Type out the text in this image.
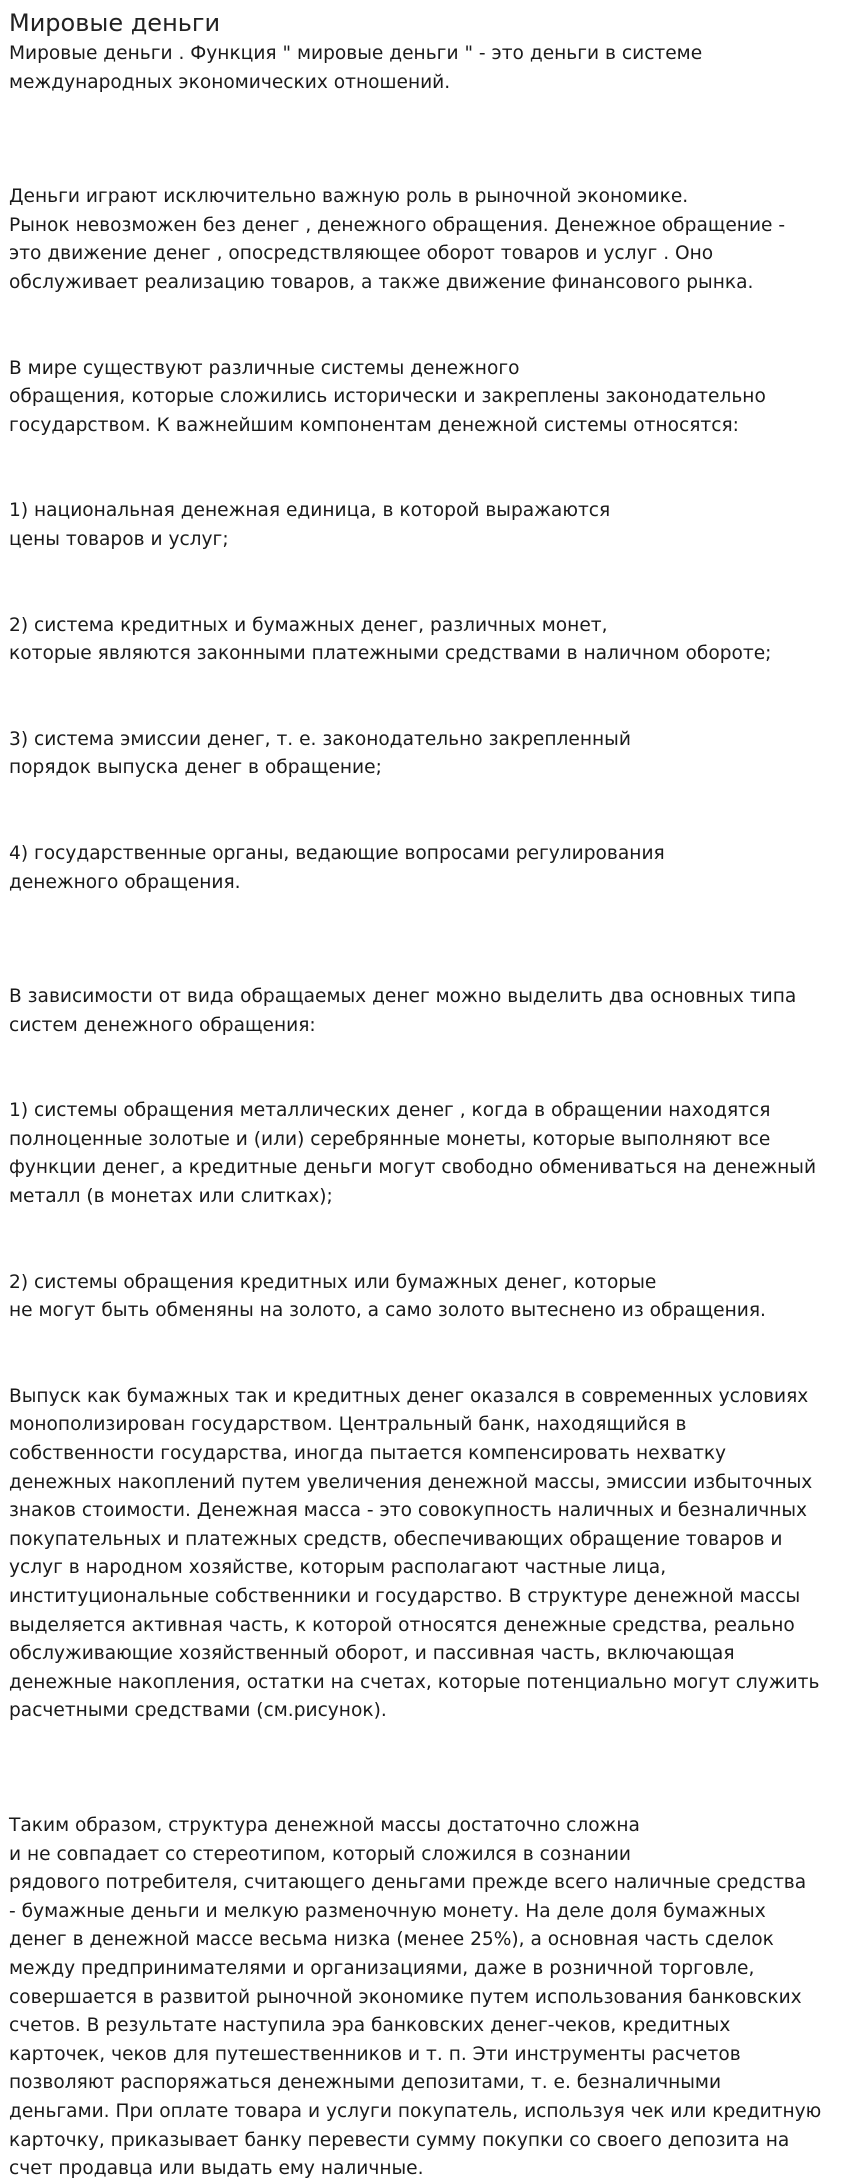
Мировые деньги
Мировые деньги . Функция " мировые деньги " - это деньги в системе
международных экономических отношений.
Деньги играют исключительно важную роль в рыночной экономике.
Рынок невозможен без денег , денежного обращения. Денежное обращение -
это движение денег , опосредствляющее оборот товаров и услуг . Оно
обслуживает реализацию товаров, а также движение финансового рынка.
В мире существуют различные системы денежного
обращения, которые сложились исторически и закреплены законодательно
государством. К важнейшим компонентам денежной системы относятся:
1) национальная денежная единица, в которой выражаются
цены товаров и услуг;
2) система кредитных и бумажных денег, различных монет,
которые являются законными платежными средствами в наличном обороте;
3) система эмиссии денег, т. е. законодательно закрепленный
порядок выпуска денег в обращение;
4) государственные органы, ведающие вопросами регулирования
денежного обращения.
В зависимости от вида обращаемых денег можно выделить два основных типа
систем денежного обращения:
1) системы обращения металлических денег , когда в обращении находятся
полноценные золотые и (или) серебрянные монеты, которые выполняют все
функции денег, а кредитные деньги могут свободно обмениваться на денежный
металл (в монетах или слитках);
2) системы обращения кредитных или бумажных денег, которые
не могут быть обменяны на золото, а само золото вытеснено из обращения.
Выпуск как бумажных так и кредитных денег оказался в современных условиях
монополизирован государством. Центральный банк, находящийся в
собственности государства, иногда пытается компенсировать нехватку
денежных накоплений путем увеличения денежной массы, эмиссии избыточных
знаков стоимости. Денежная масса - это совокупность наличных и безналичных
покупательных и платежных средств, обеспечивающих обращение товаров и
услуг в народном хозяйстве, которым располагают частные лица,
институциональные собственники и государство. В структуре денежной массы
выделяется активная часть, к которой относятся денежные средства, реально
обслуживающие хозяйственный оборот, и пассивная часть, включающая
денежные накопления, остатки на счетах, которые потенциально могут служить
расчетными средствами (см.рисунок).
Таким образом, структура денежной массы достаточно сложна
и не совпадает со стереотипом, который сложился в сознании
рядового потребителя, считающего деньгами прежде всего наличные средства
- бумажные деньги и мелкую разменочную монету. На деле доля бумажных
денег в денежной массе весьма низка (менее 25%), а основная часть сделок
между предпринимателями и организациями, даже в розничной торговле,
совершается в развитой рыночной экономике путем использования банковских
счетов. В результате наступила эра банковских денег-чеков, кредитных
карточек, чеков для путешественников и т. п. Эти инструменты расчетов
позволяют распоряжаться денежными депозитами, т. е. безналичными
деньгами. При оплате товара и услуги покупатель, используя чек или кредитную
карточку, приказывает банку перевести сумму покупки со своего депозита на
счет продавца или выдать ему наличные.
